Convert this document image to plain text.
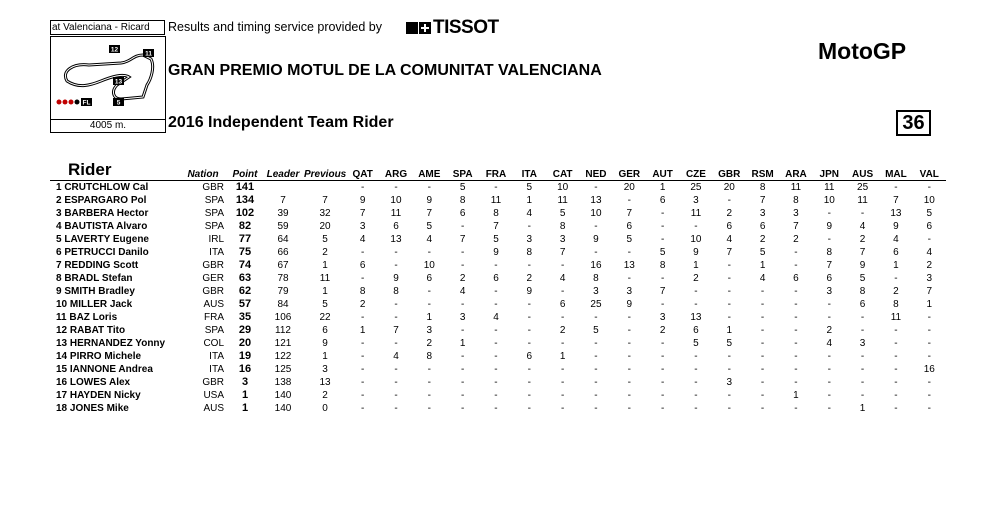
at Valenciana - Ricard
12
11
13
FL	5
4005 m.
Results and timing service provided by	TISSOT
GRAN PREMIO MOTUL DE LA COMUNITAT VALENCIANA
MotoGP
2016 Independent Team Rider	36
Rider	Nation	Point	Leader	Previous	QAT	ARG	AME	SPA	FRA	ITA	CAT	NED	GER	AUT	CZE	GBR	RSM	ARA	JPN	AUS	MAL	VAL
1 CRUTCHLOW Cal	GBR	141			-	-	-	5	-	5	10	-	20	1	25	20	8	11	11	25	-	-
2 ESPARGARO Pol	SPA	134	7	7	9	10	9	8	11	1	11	13	-	6	3	-	7	8	10	11	7	10
3 BARBERA Hector	SPA	102	39	32	7	11	7	6	8	4	5	10	7	-	11	2	3	3	-	-	13	5
4 BAUTISTA Alvaro	SPA	82	59	20	3	6	5	-	7	-	8	-	6	-	-	6	6	7	9	4	9	6
5 LAVERTY Eugene	IRL	77	64	5	4	13	4	7	5	3	3	9	5	-	10	4	2	2	-	2	4	-
6 PETRUCCI Danilo	ITA	75	66	2	-	-	-	-	9	8	7	-	-	5	9	7	5	-	8	7	6	4
7 REDDING Scott	GBR	74	67	1	6	-	10	-	-	-	-	16	13	8	1	-	1	-	7	9	1	2
8 BRADL Stefan	GER	63	78	11	-	9	6	2	6	2	4	8	-	-	2	-	4	6	6	5	-	3
9 SMITH Bradley	GBR	62	79	1	8	8	-	4	-	9	-	3	3	7	-	-	-	-	3	8	2	7
10 MILLER Jack	AUS	57	84	5	2	-	-	-	-	-	6	25	9	-	-	-	-	-	-	6	8	1
11 BAZ Loris	FRA	35	106	22	-	-	1	3	4	-	-	-	-	3	13	-	-	-	-	-	11	-
12 RABAT Tito	SPA	29	112	6	1	7	3	-	-	-	2	5	-	2	6	1	-	-	2	-	-	-
13 HERNANDEZ Yonny	COL	20	121	9	-	-	2	1	-	-	-	-	-	-	5	5	-	-	4	3	-	-
14 PIRRO Michele	ITA	19	122	1	-	4	8	-	-	6	1	-	-	-	-	-	-	-	-	-	-	-
15 IANNONE Andrea	ITA	16	125	3	-	-	-	-	-	-	-	-	-	-	-	-	-	-	-	-	-	16
16 LOWES Alex	GBR	3	138	13	-	-	-	-	-	-	-	-	-	-	-	3	-	-	-	-	-	-
17 HAYDEN Nicky	USA	1	140	2	-	-	-	-	-	-	-	-	-	-	-	-	-	1	-	-	-	-
18 JONES Mike	AUS	1	140	0	-	-	-	-	-	-	-	-	-	-	-	-	-	-	-	1	-	-
